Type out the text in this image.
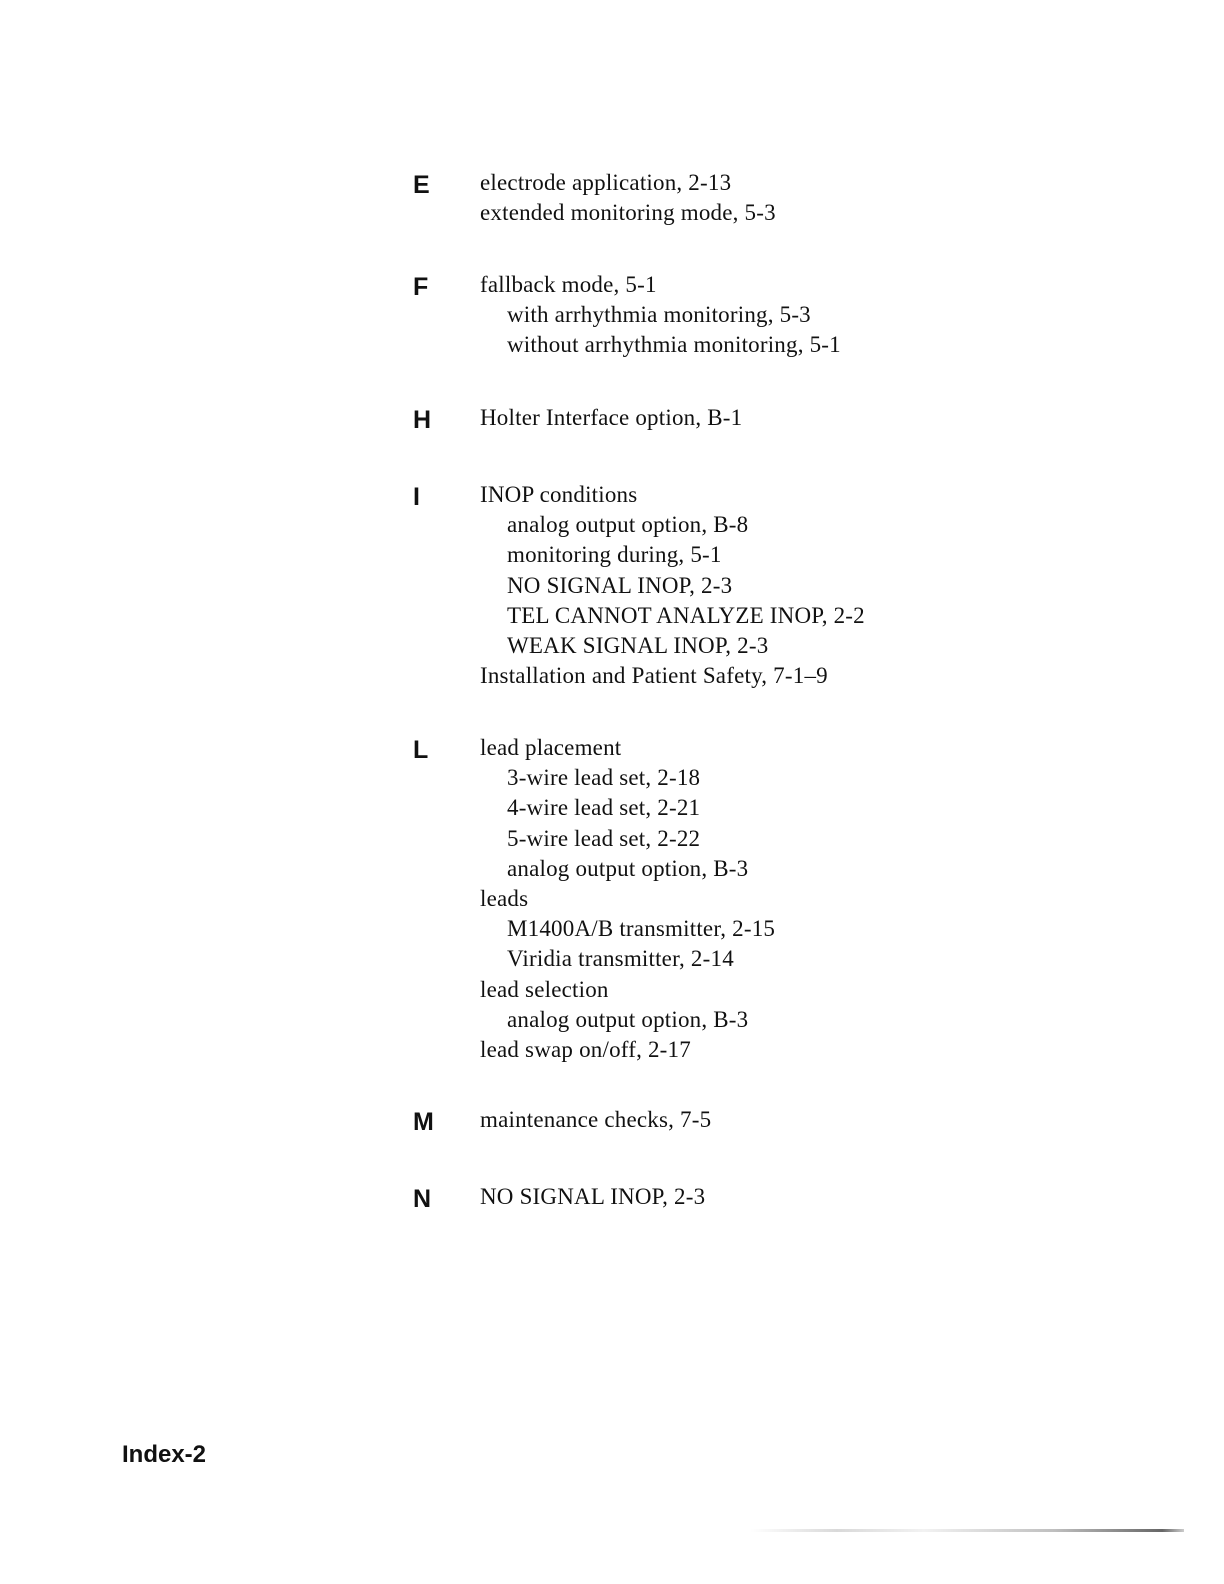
E	electrode application, 2-13
extended monitoring mode, 5-3
F	fallback mode, 5-1
with arrhythmia monitoring, 5-3
without arrhythmia monitoring, 5-1
H	Holter Interface option, B-1
I	INOP conditions
analog output option, B-8
monitoring during, 5-1
NO SIGNAL INOP, 2-3
TEL CANNOT ANALYZE INOP, 2-2
WEAK SIGNAL INOP, 2-3
Installation and Patient Safety, 7-1–9
L	lead placement
3-wire lead set, 2-18
4-wire lead set, 2-21
5-wire lead set, 2-22
analog output option, B-3
leads
M1400A/B transmitter, 2-15
Viridia transmitter, 2-14
lead selection
analog output option, B-3
lead swap on/off, 2-17
M	maintenance checks, 7-5
N	NO SIGNAL INOP, 2-3
Index-2
